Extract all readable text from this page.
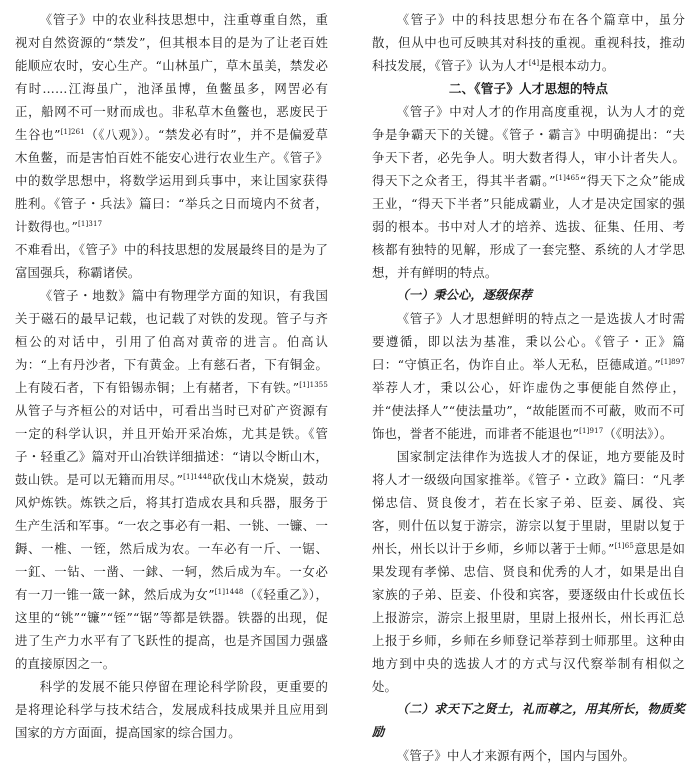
《管子》中的农业科技思想中，注重尊重自然，重视对自然资源的“禁发”，但其根本目的是为了让老百姓能顺应农时，安心生产。“山林虽广，草木虽美，禁发必有时……江海虽广，池泽虽博，鱼鳖虽多，网罟必有正，船网不可一财而成也。非私草木鱼鳖也，恶废民于生谷也”$^{[1]261}$（《八观》）。“禁发必有时”，并不是偏爱草木鱼鳖，而是害怕百姓不能安心进行农业生产。《管子》中的数学思想中，将数学运用到兵事中，来让国家获得胜利。《管子・兵法》篇曰：“举兵之日而境内不贫者，计数得也。”$^{[1]317}$

不难看出，《管子》中的科技思想的发展最终目的是为了富国强兵，称霸诸侯。

《管子・地数》篇中有物理学方面的知识，有我国关于磁石的最早记载，也记载了对铁的发现。管子与齐桓公的对话中，引用了伯高对黄帝的进言。伯高认为：“上有丹沙者，下有黄金。上有慈石者，下有铜金。上有陵石者，下有铅锡赤铜；上有赭者，下有铁。”$^{[1]1355}$从管子与齐桓公的对话中，可看出当时已对矿产资源有一定的科学认识，并且开始开采冶炼，尤其是铁。《管子・轻重乙》篇对开山冶铁详细描述：“请以令断山木，鼓山铁。是可以无籍而用尽。”$^{[1]1448}$砍伐山木烧炭，鼓动风炉炼铁。炼铁之后，将其打造成农具和兵器，服务于生产生活和军事。“一农之事必有一耜、一铫、一镰、一鎒、一椎、一铚，然后成为农。一车必有一斤、一锯、一釭、一钻、一凿、一銶、一轲，然后成为车。一女必有一刀一锥一箴一鉥，然后成为女”$^{[1]1448}$（《轻重乙》），这里的“铫”“镰”“铚”“锯”等都是铁器。铁器的出现，促进了生产力水平有了飞跃性的提高，也是齐国国力强盛的直接原因之一。

科学的发展不能只停留在理论科学阶段，更重要的是将理论科学与技术结合，发展成科技成果并且应用到国家的方方面面，提高国家的综合国力。

《管子》中的科技思想分布在各个篇章中，虽分散，但从中也可反映其对科技的重视。重视科技，推动科技发展，《管子》认为人才[4]是根本动力。

二、《管子》人才思想的特点

《管子》中对人才的作用高度重视，认为人才的竞争是争霸天下的关键。《管子・霸言》中明确提出：“夫争天下者，必先争人。明大数者得人，审小计者失人。得天下之众者王，得其半者霸。”$^{[1]465}$“得天下之众”能成王业，“得天下半者”只能成霸业，人才是决定国家的强弱的根本。书中对人才的培养、选拔、征集、任用、考核都有独特的见解，形成了一套完整、系统的人才学思想，并有鲜明的特点。

（一）秉公心，逐级保荐

《管子》人才思想鲜明的特点之一是选拔人才时需要遵循，即以法为基准，秉以公心。《管子・正》篇曰：“守慎正名，伪诈自止。举人无私，臣德咸道。”$^{[1]897}$举荐人才，秉以公心，奸诈虚伪之事便能自然停止，并“使法择人”“使法量功”，“故能匿而不可蔽，败而不可饰也，誉者不能进，而诽者不能退也”$^{[1]917}$（《明法》）。

国家制定法律作为选拔人才的保证，地方要能及时将人才一级级向国家推举。《管子・立政》篇曰：“凡孝悌忠信、贤良俊才，若在长家子弟、臣妾、属役、宾客，则什伍以复于游宗，游宗以复于里尉，里尉以复于州长，州长以计于乡师，乡师以著于士师。”$^{[1]65}$意思是如果发现有孝悌、忠信、贤良和优秀的人才，如果是出自家族的子弟、臣妾、仆役和宾客，要逐级由什长或伍长上报游宗，游宗上报里尉，里尉上报州长，州长再汇总上报于乡师，乡师在乡师登记举荐到士师那里。这种由地方到中央的选拔人才的方式与汉代察举制有相似之处。

（二）求天下之贤士，礼而尊之，用其所长，物质奖励

《管子》中人才来源有两个，国内与国外。
